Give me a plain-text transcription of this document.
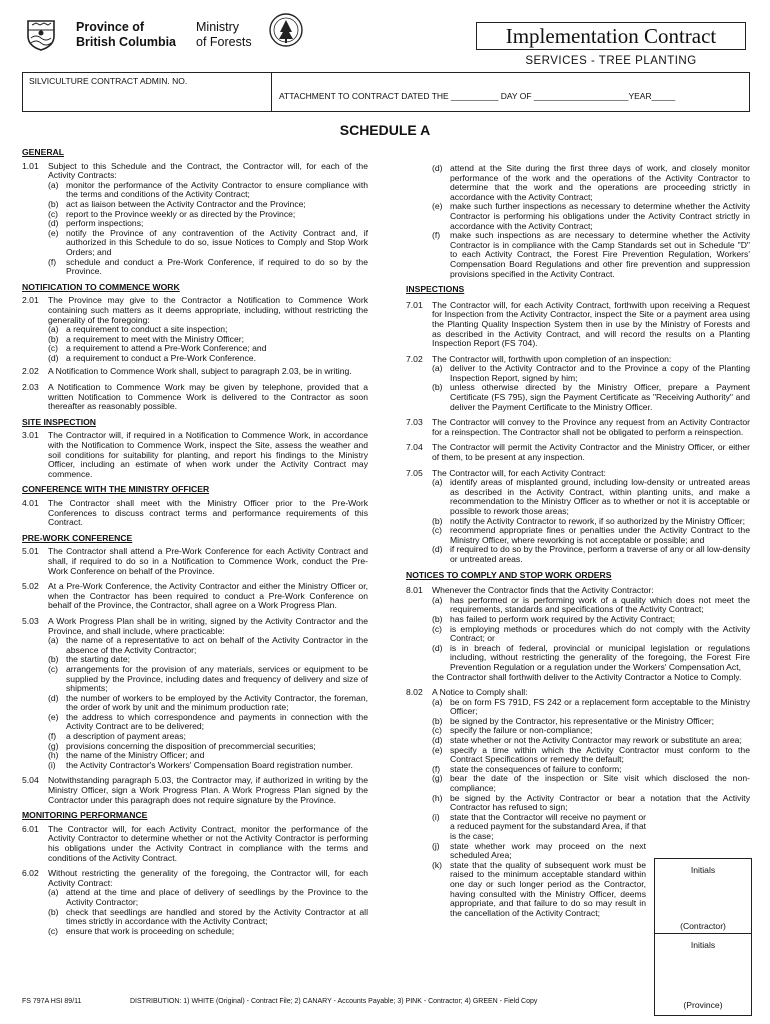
Province of
British Columbia
Ministry
of Forests	Implementation Contract
SERVICES - TREE PLANTING
SILVICULTURE CONTRACT ADMIN. NO.
ATTACHMENT TO CONTRACT DATED THE __________ DAY OF ____________________YEAR_____
SCHEDULE A
GENERAL
1.01 Subject to this Schedule and the Contract, the Contractor will, for each of the Activity Contracts:
(a) monitor the performance of the Activity Contractor to ensure compliance with the terms and conditions of the Activity Contract;
(b) act as liaison between the Activity Contractor and the Province;
(c) report to the Province weekly or as directed by the Province;
(d) perform inspections;
(e) notify the Province of any contravention of the Activity Contract and, if authorized in this Schedule to do so, issue Notices to Comply and Stop Work Orders; and
(f) schedule and conduct a Pre-Work Conference, if required to do so by the Province.
NOTIFICATION TO COMMENCE WORK
2.01 The Province may give to the Contractor a Notification to Commence Work containing such matters as it deems appropriate, including, without restricting the generality of the foregoing:
(a) a requirement to conduct a site inspection;
(b) a requirement to meet with the Ministry Officer;
(c) a requirement to attend a Pre-Work Conference; and
(d) a requirement to conduct a Pre-Work Conference.
2.02 A Notification to Commence Work shall, subject to paragraph 2.03, be in writing.
2.03 A Notification to Commence Work may be given by telephone, provided that a written Notification to Commence Work is delivered to the Contractor as soon thereafter as reasonably possible.
SITE INSPECTION
3.01 The Contractor will, if required in a Notification to Commence Work, in accordance with the Notification to Commence Work, inspect the Site, assess the weather and soil conditions for suitability for planting, and report his findings to the Ministry Officer, including an estimate of when work under the Activity Contract may commence.
CONFERENCE WITH THE MINISTRY OFFICER
4.01 The Contractor shall meet with the Ministry Officer prior to the Pre-Work Conferences to discuss contract terms and performance requirements of this Contract.
PRE-WORK CONFERENCE
5.01 The Contractor shall attend a Pre-Work Conference for each Activity Contract and shall, if required to do so in a Notification to Commence Work, conduct the Pre-Work Conference on behalf of the Province.
5.02 At a Pre-Work Conference, the Activity Contractor and either the Ministry Officer or, when the Contractor has been required to conduct a Pre-Work Conference on behalf of the Province, the Contractor, shall agree on a Work Progress Plan.
5.03 A Work Progress Plan shall be in writing, signed by the Activity Contractor and the Province, and shall include, where practicable:
(a) the name of a representative to act on behalf of the Activity Contractor in the absence of the Activity Contractor;
(b) the starting date;
(c) arrangements for the provision of any materials, services or equipment to be supplied by the Province, including dates and frequency of delivery and size of shipments;
(d) the number of workers to be employed by the Activity Contractor, the foreman, the order of work by unit and the minimum production rate;
(e) the address to which correspondence and payments in connection with the Activity Contract are to be delivered;
(f) a description of payment areas;
(g) provisions concerning the disposition of precommercial securities;
(h) the name of the Ministry Officer; and
(i) the Activity Contractor's Workers' Compensation Board registration number.
5.04 Notwithstanding paragraph 5.03, the Contractor may, if authorized in writing by the Ministry Officer, sign a Work Progress Plan. A Work Progress Plan signed by the Contractor under this paragraph does not require signature by the Province.
MONITORING PERFORMANCE
6.01 The Contractor will, for each Activity Contract, monitor the performance of the Activity Contractor to determine whether or not the Activity Contractor is performing his obligations under the Activity Contract in compliance with the terms and conditions of the Activity Contract.
6.02 Without restricting the generality of the foregoing, the Contractor will, for each Activity Contract:
(a) attend at the time and place of delivery of seedlings by the Province to the Activity Contractor;
(b) check that seedlings are handled and stored by the Activity Contractor at all times strictly in accordance with the Activity Contract;
(c) ensure that work is proceeding on schedule;
(d) attend at the Site during the first three days of work, and closely monitor performance of the work and the operations of the Activity Contractor to determine that the work and the operations are proceeding strictly in accordance with the Activity Contract;
(e) make such further inspections as necessary to determine whether the Activity Contractor is performing his obligations under the Activity Contract strictly in accordance with the Activity Contract;
(f) make such inspections as are necessary to determine whether the Activity Contractor is in compliance with the Camp Standards set out in Schedule "D" to each Activity Contract, the Forest Fire Prevention Regulation, Workers' Compensation Board Regulations and other fire prevention and suppression provisions specified in the Activity Contract.
INSPECTIONS
7.01 The Contractor will, for each Activity Contract, forthwith upon receiving a Request for Inspection from the Activity Contractor, inspect the Site or a payment area using the Planting Quality Inspection System then in use by the Ministry of Forests and as described in the Activity Contract, and will record the results on a Planting Inspection Report (FS 704).
7.02 The Contractor will, forthwith upon completion of an inspection:
(a) deliver to the Activity Contractor and to the Province a copy of the Planting Inspection Report, signed by him;
(b) unless otherwise directed by the Ministry Officer, prepare a Payment Certificate (FS 795), sign the Payment Certificate as "Receiving Authority" and deliver the Payment Certificate to the Ministry Officer.
7.03 The Contractor will convey to the Province any request from an Activity Contractor for a reinspection. The Contractor shall not be obligated to perform a reinspection.
7.04 The Contractor will permit the Activity Contractor and the Ministry Officer, or either of them, to be present at any inspection.
7.05 The Contractor will, for each Activity Contract:
(a) identify areas of misplanted ground, including low-density or untreated areas as described in the Activity Contract, within planting units, and make a recommendation to the Ministry Officer as to whether or not it is acceptable or possible to rework those areas;
(b) notify the Activity Contractor to rework, if so authorized by the Ministry Officer;
(c) recommend appropriate fines or penalties under the Activity Contract to the Ministry Officer, where reworking is not acceptable or possible; and
(d) if required to do so by the Province, perform a traverse of any or all low-density or untreated areas.
NOTICES TO COMPLY AND STOP WORK ORDERS
8.01 Whenever the Contractor finds that the Activity Contractor:
(a) has performed or is performing work of a quality which does not meet the requirements, standards and specifications of the Activity Contract;
(b) has failed to perform work required by the Activity Contract;
(c) is employing methods or procedures which do not comply with the Activity Contract; or
(d) is in breach of federal, provincial or municipal legislation or regulations including, without restricting the generality of the foregoing, the Forest Fire Prevention Regulation or a regulation under the Workers' Compensation Act,
the Contractor shall forthwith deliver to the Activity Contractor a Notice to Comply.
8.02 A Notice to Comply shall:
(a) be on form FS 791D, FS 242 or a replacement form acceptable to the Ministry Officer;
(b) be signed by the Contractor, his representative or the Ministry Officer;
(c) specify the failure or non-compliance;
(d) state whether or not the Activity Contractor may rework or substitute an area;
(e) specify a time within which the Activity Contractor must conform to the Contract Specifications or remedy the default;
(f) state the consequences of failure to conform;
(g) bear the date of the inspection or Site visit which disclosed the non-compliance;
(h) be signed by the Activity Contractor or bear a notation that the Activity Contractor has refused to sign;
(i) state that the Contractor will receive no payment or a reduced payment for the substandard Area, if that is the case;
(j) state whether work may proceed on the next scheduled Area;
(k) state that the quality of subsequent work must be raised to the minimum acceptable standard within one day or such longer period as the Contractor, having consulted with the Ministry Officer, deems appropriate, and that failure to do so may result in the cancellation of the Activity Contract;
Initials
(Contractor)
Initials
(Province)
FS 797A HSI 89/11	DISTRIBUTION: 1) WHITE (Original) - Contract File; 2) CANARY - Accounts Payable; 3) PINK - Contractor; 4) GREEN - Field Copy
